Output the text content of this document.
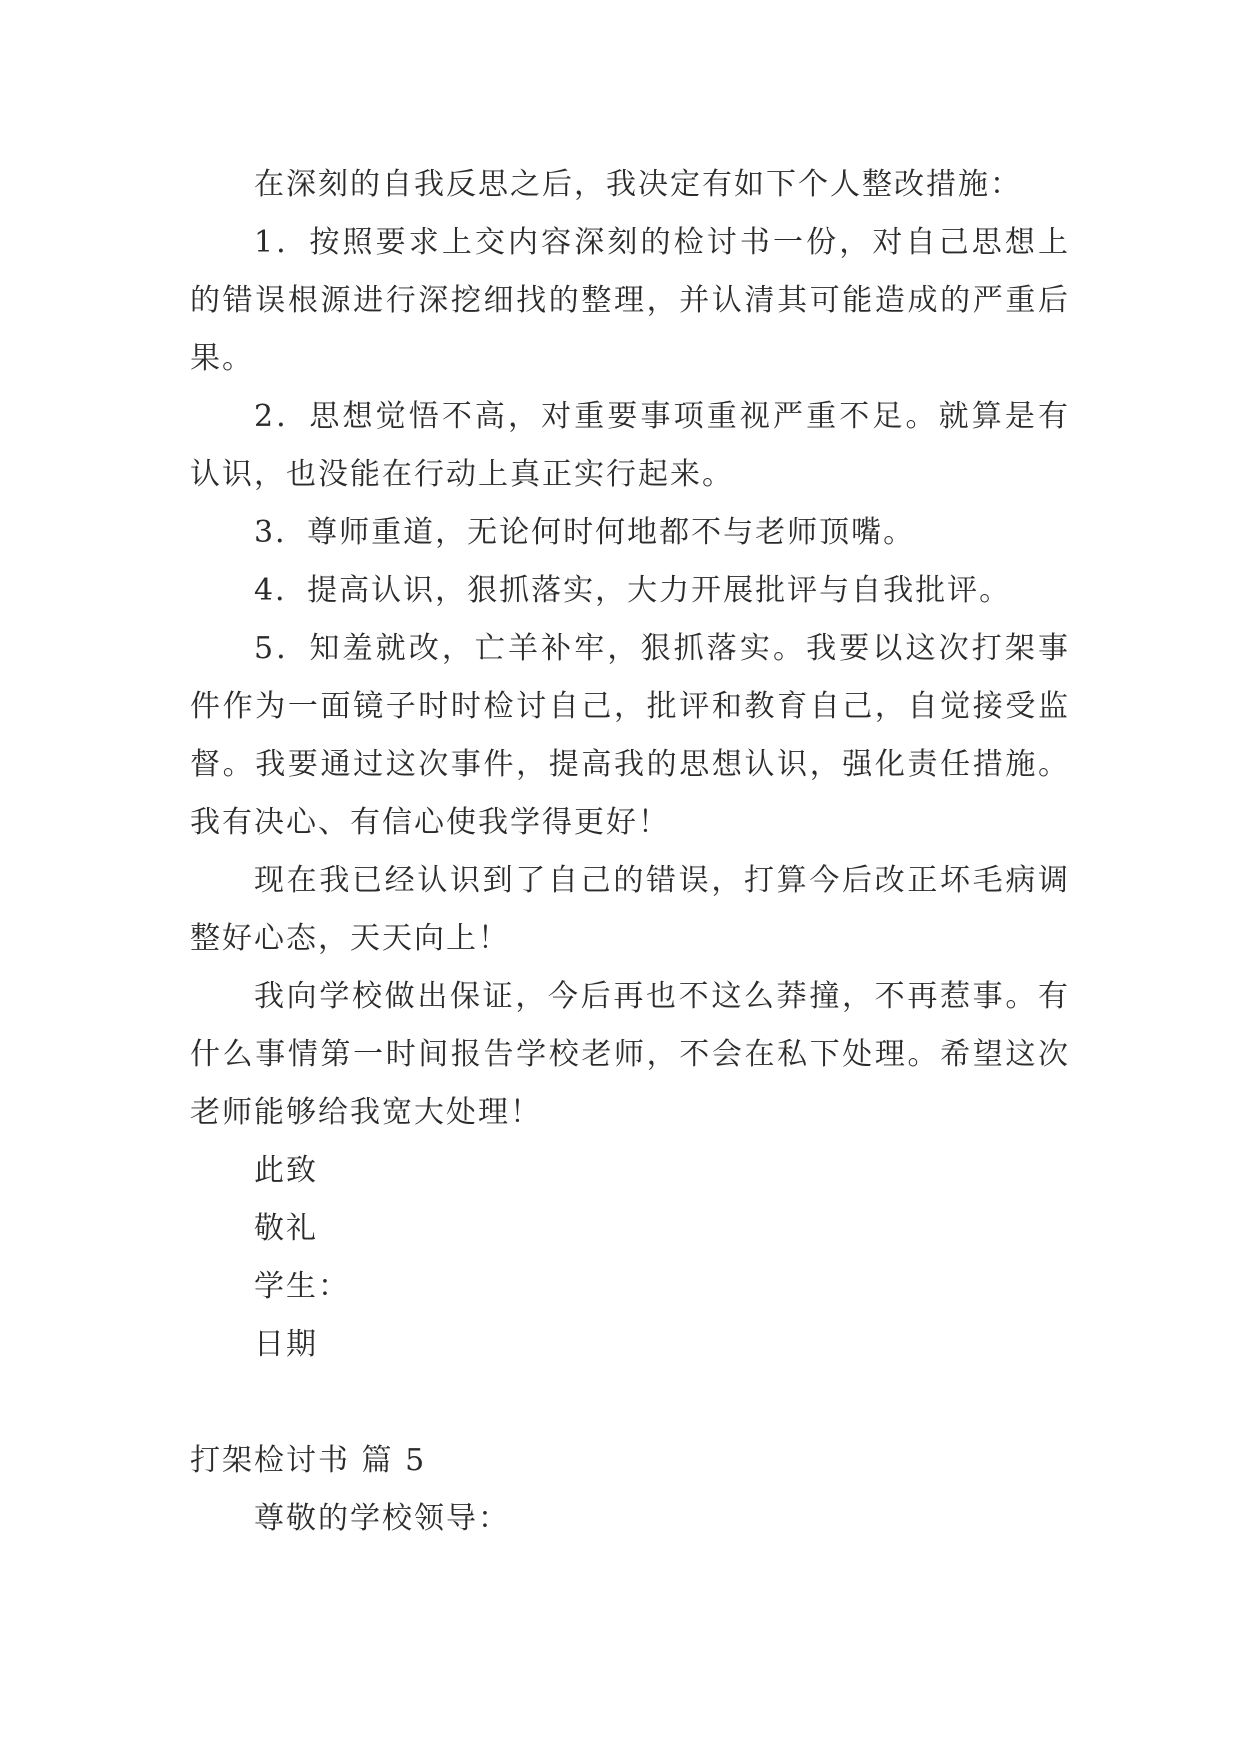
在深刻的自我反思之后，我决定有如下个人整改措施：

1．按照要求上交内容深刻的检讨书一份，对自己思想上的错误根源进行深挖细找的整理，并认清其可能造成的严重后果。

2．思想觉悟不高，对重要事项重视严重不足。就算是有认识，也没能在行动上真正实行起来。

3．尊师重道，无论何时何地都不与老师顶嘴。

4．提高认识，狠抓落实，大力开展批评与自我批评。

5．知羞就改，亡羊补牢，狠抓落实。我要以这次打架事件作为一面镜子时时检讨自己，批评和教育自己，自觉接受监督。我要通过这次事件，提高我的思想认识，强化责任措施。我有决心、有信心使我学得更好！

现在我已经认识到了自己的错误，打算今后改正坏毛病调整好心态，天天向上！

我向学校做出保证，今后再也不这么莽撞，不再惹事。有什么事情第一时间报告学校老师，不会在私下处理。希望这次老师能够给我宽大处理！

此致

敬礼

学生：

日期

打架检讨书 篇 5

尊敬的学校领导：
